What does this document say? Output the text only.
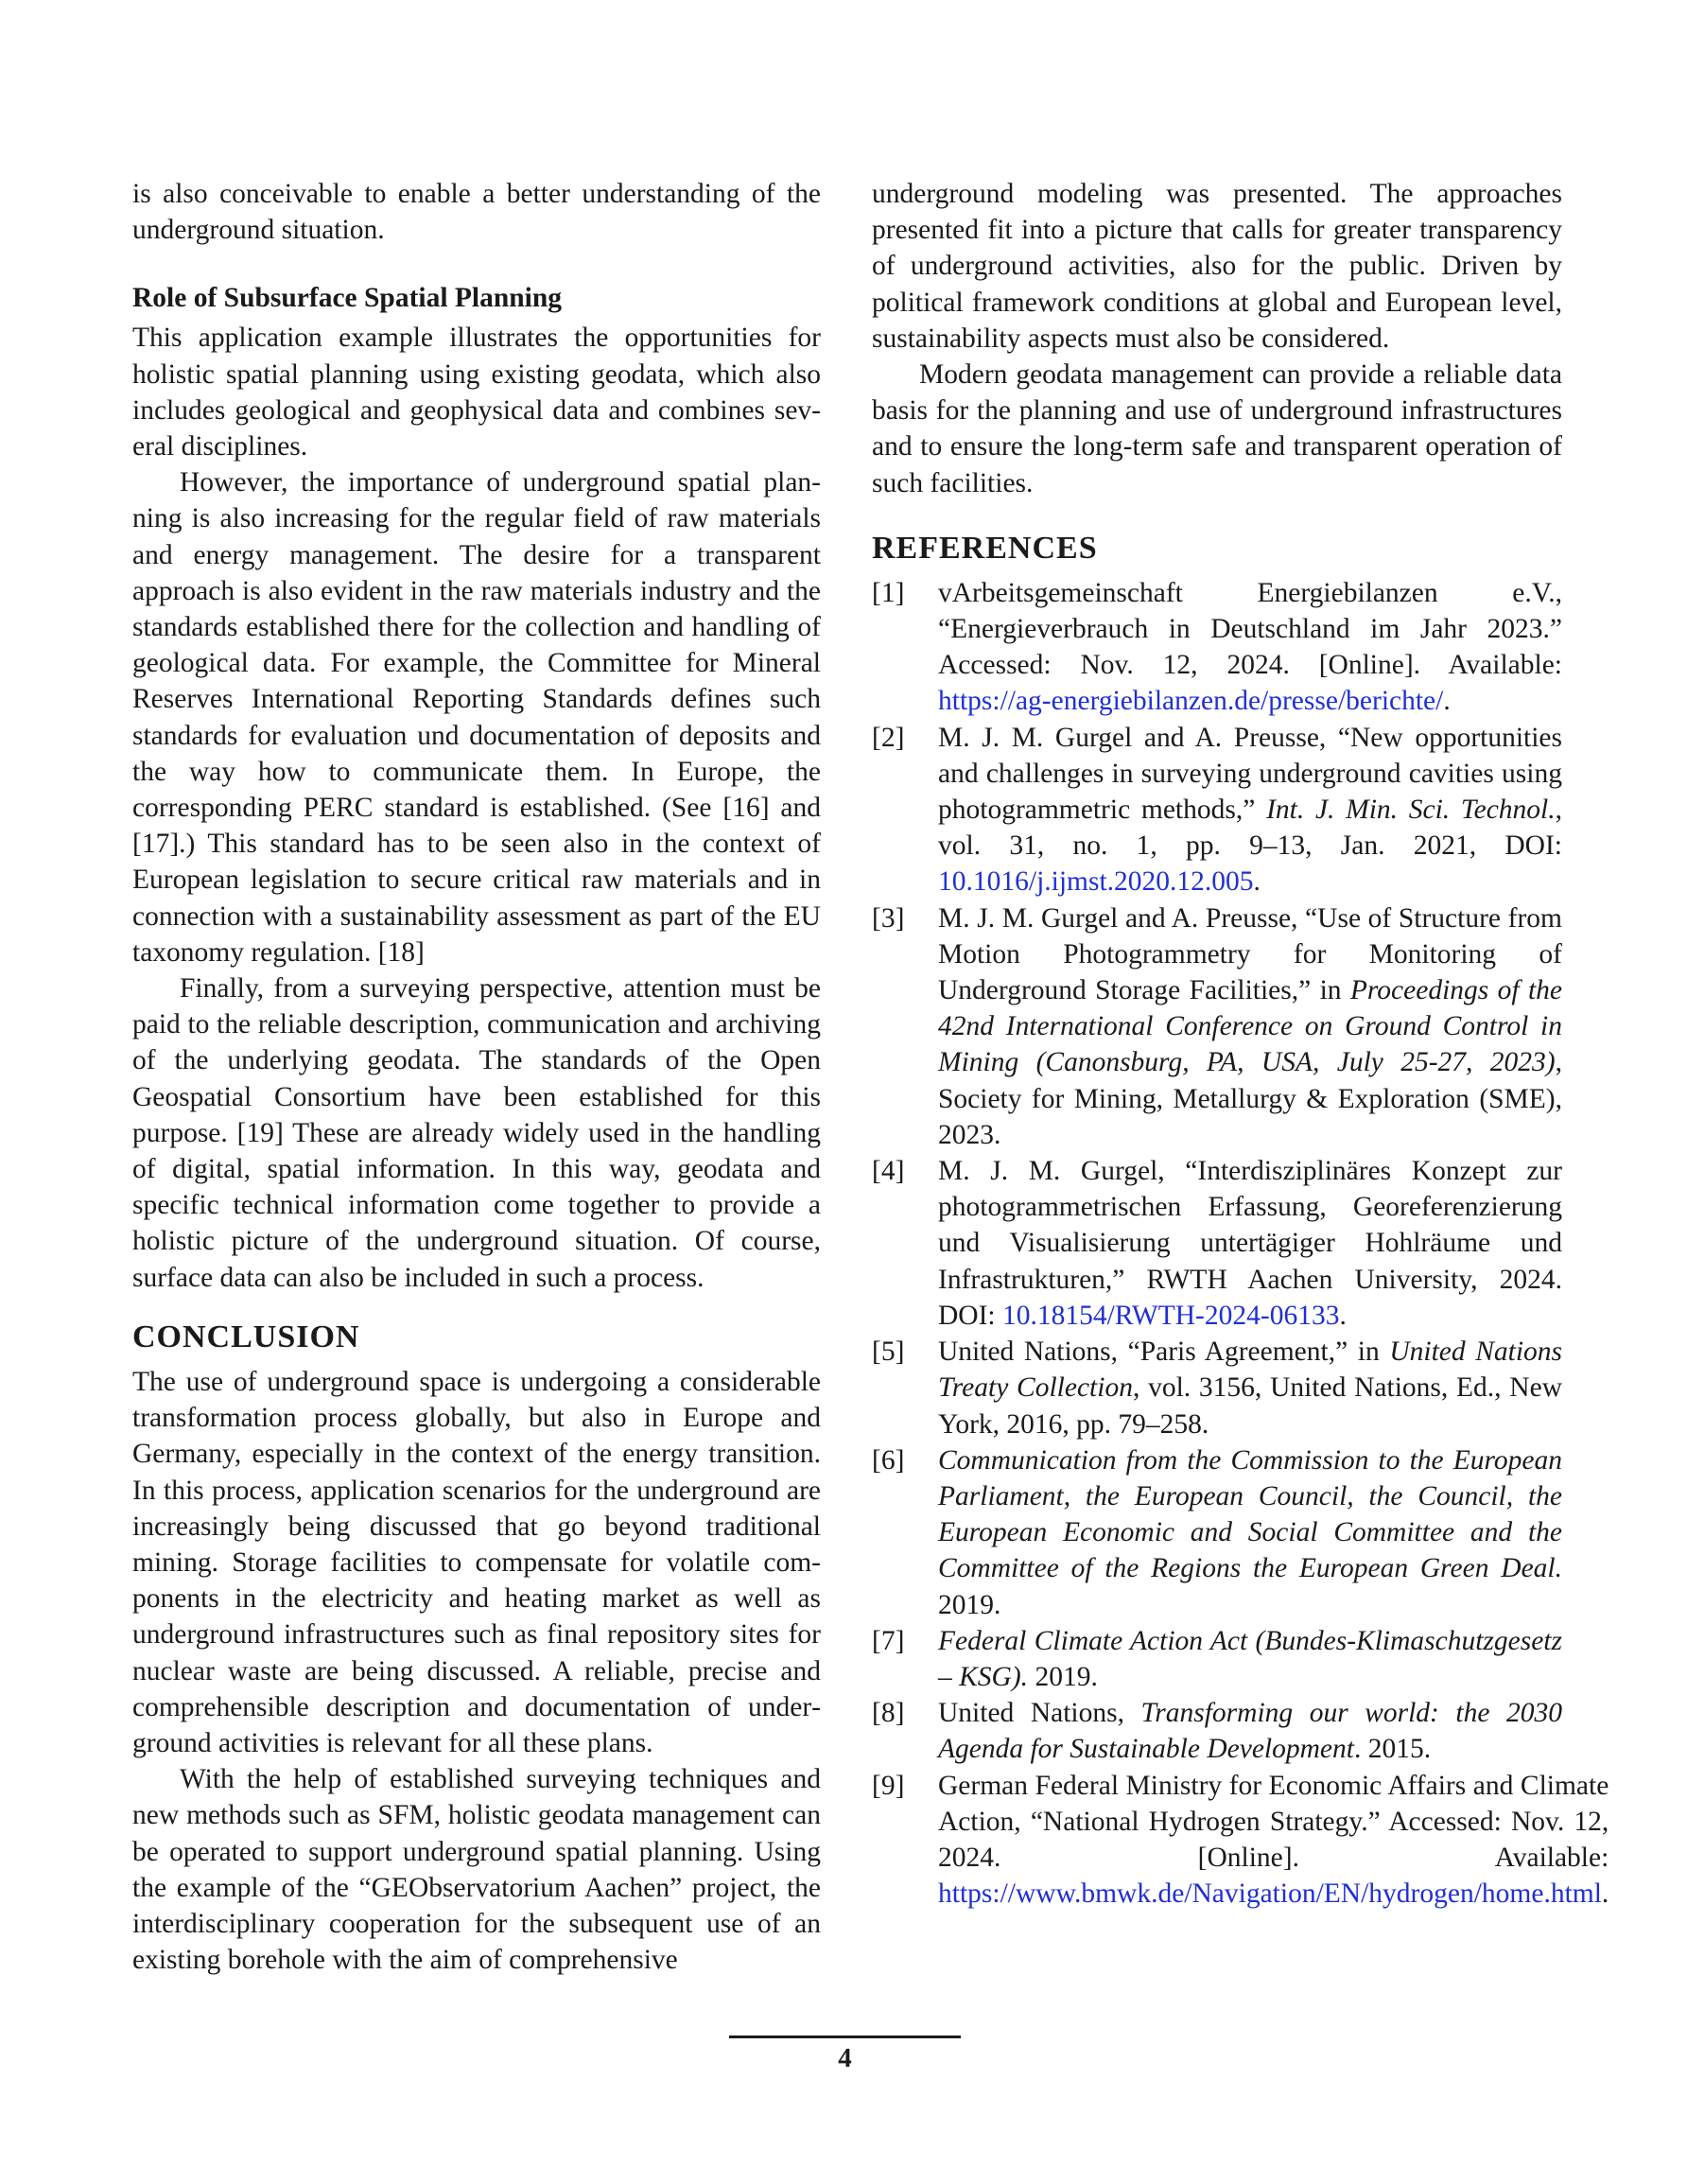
is also conceivable to enable a better understanding of the underground situation.

Role of Subsurface Spatial Planning

This application example illustrates the opportunities for holistic spatial planning using existing geodata, which also includes geological and geophysical data and combines several disciplines.

However, the importance of underground spatial planning is also increasing for the regular field of raw materials and energy management. The desire for a transparent approach is also evident in the raw materials industry and the standards established there for the collection and handling of geological data. For example, the Committee for Mineral Reserves International Reporting Standards defines such standards for evaluation und documentation of deposits and the way how to communicate them. In Europe, the corresponding PERC standard is established. (See [16] and [17].) This standard has to be seen also in the context of European legislation to secure critical raw materials and in connection with a sustainability assessment as part of the EU taxonomy regulation. [18]

Finally, from a surveying perspective, attention must be paid to the reliable description, communication and archiving of the underlying geodata. The standards of the Open Geospatial Consortium have been established for this purpose. [19] These are already widely used in the handling of digital, spatial information. In this way, geodata and specific technical information come together to provide a holistic picture of the underground situation. Of course, surface data can also be included in such a process.

CONCLUSION

The use of underground space is undergoing a considerable transformation process globally, but also in Europe and Germany, especially in the context of the energy transition. In this process, application scenarios for the underground are increasingly being discussed that go beyond traditional mining. Storage facilities to compensate for volatile components in the electricity and heating market as well as underground infrastructures such as final repository sites for nuclear waste are being discussed. A reliable, precise and comprehensible description and documentation of underground activities is relevant for all these plans.

With the help of established surveying techniques and new methods such as SFM, holistic geodata management can be operated to support underground spatial planning. Using the example of the “GEObservatorium Aachen” project, the interdisciplinary cooperation for the subsequent use of an existing borehole with the aim of comprehensive

underground modeling was presented. The approaches presented fit into a picture that calls for greater transparency of underground activities, also for the public. Driven by political framework conditions at global and European level, sustainability aspects must also be considered.

Modern geodata management can provide a reliable data basis for the planning and use of underground infrastructures and to ensure the long-term safe and transparent operation of such facilities.

REFERENCES
[1]	vArbeitsgemeinschaft Energiebilanzen e.V., “Energieverbrauch in Deutschland im Jahr 2023.” Accessed: Nov. 12, 2024. [Online]. Available: https://ag-energiebilanzen.de/presse/berichte/.
[2]	M. J. M. Gurgel and A. Preusse, “New opportunities and challenges in surveying underground cavities using photogrammetric methods,” Int. J. Min. Sci. Technol., vol. 31, no. 1, pp. 9–13, Jan. 2021, DOI: 10.1016/j.ijmst.2020.12.005.
[3]	M. J. M. Gurgel and A. Preusse, “Use of Structure from Motion Photogrammetry for Monitoring of Underground Storage Facilities,” in Proceedings of the 42nd International Conference on Ground Control in Mining (Canonsburg, PA, USA, July 25-27, 2023), Society for Mining, Metallurgy & Exploration (SME), 2023.
[4]	M. J. M. Gurgel, “Interdisziplinäres Konzept zur photogrammetrischen Erfassung, Georeferenzierung und Visualisierung untertägiger Hohlräume und Infrastrukturen,” RWTH Aachen University, 2024. DOI: 10.18154/RWTH-2024-06133.
[5]	United Nations, “Paris Agreement,” in United Nations Treaty Collection, vol. 3156, United Nations, Ed., New York, 2016, pp. 79–258.
[6]	Communication from the Commission to the European Parliament, the European Council, the Council, the European Economic and Social Committee and the Committee of the Regions the European Green Deal. 2019.
[7]	Federal Climate Action Act (Bundes-Klimaschutzgesetz – KSG). 2019.
[8]	United Nations, Transforming our world: the 2030 Agenda for Sustainable Development. 2015.
[9]	German Federal Ministry for Economic Affairs and Climate Action, “National Hydrogen Strategy.” Accessed: Nov. 12, 2024. [Online]. Available: https://www.bmwk.de/Navigation/EN/hydrogen/home.html.
4
